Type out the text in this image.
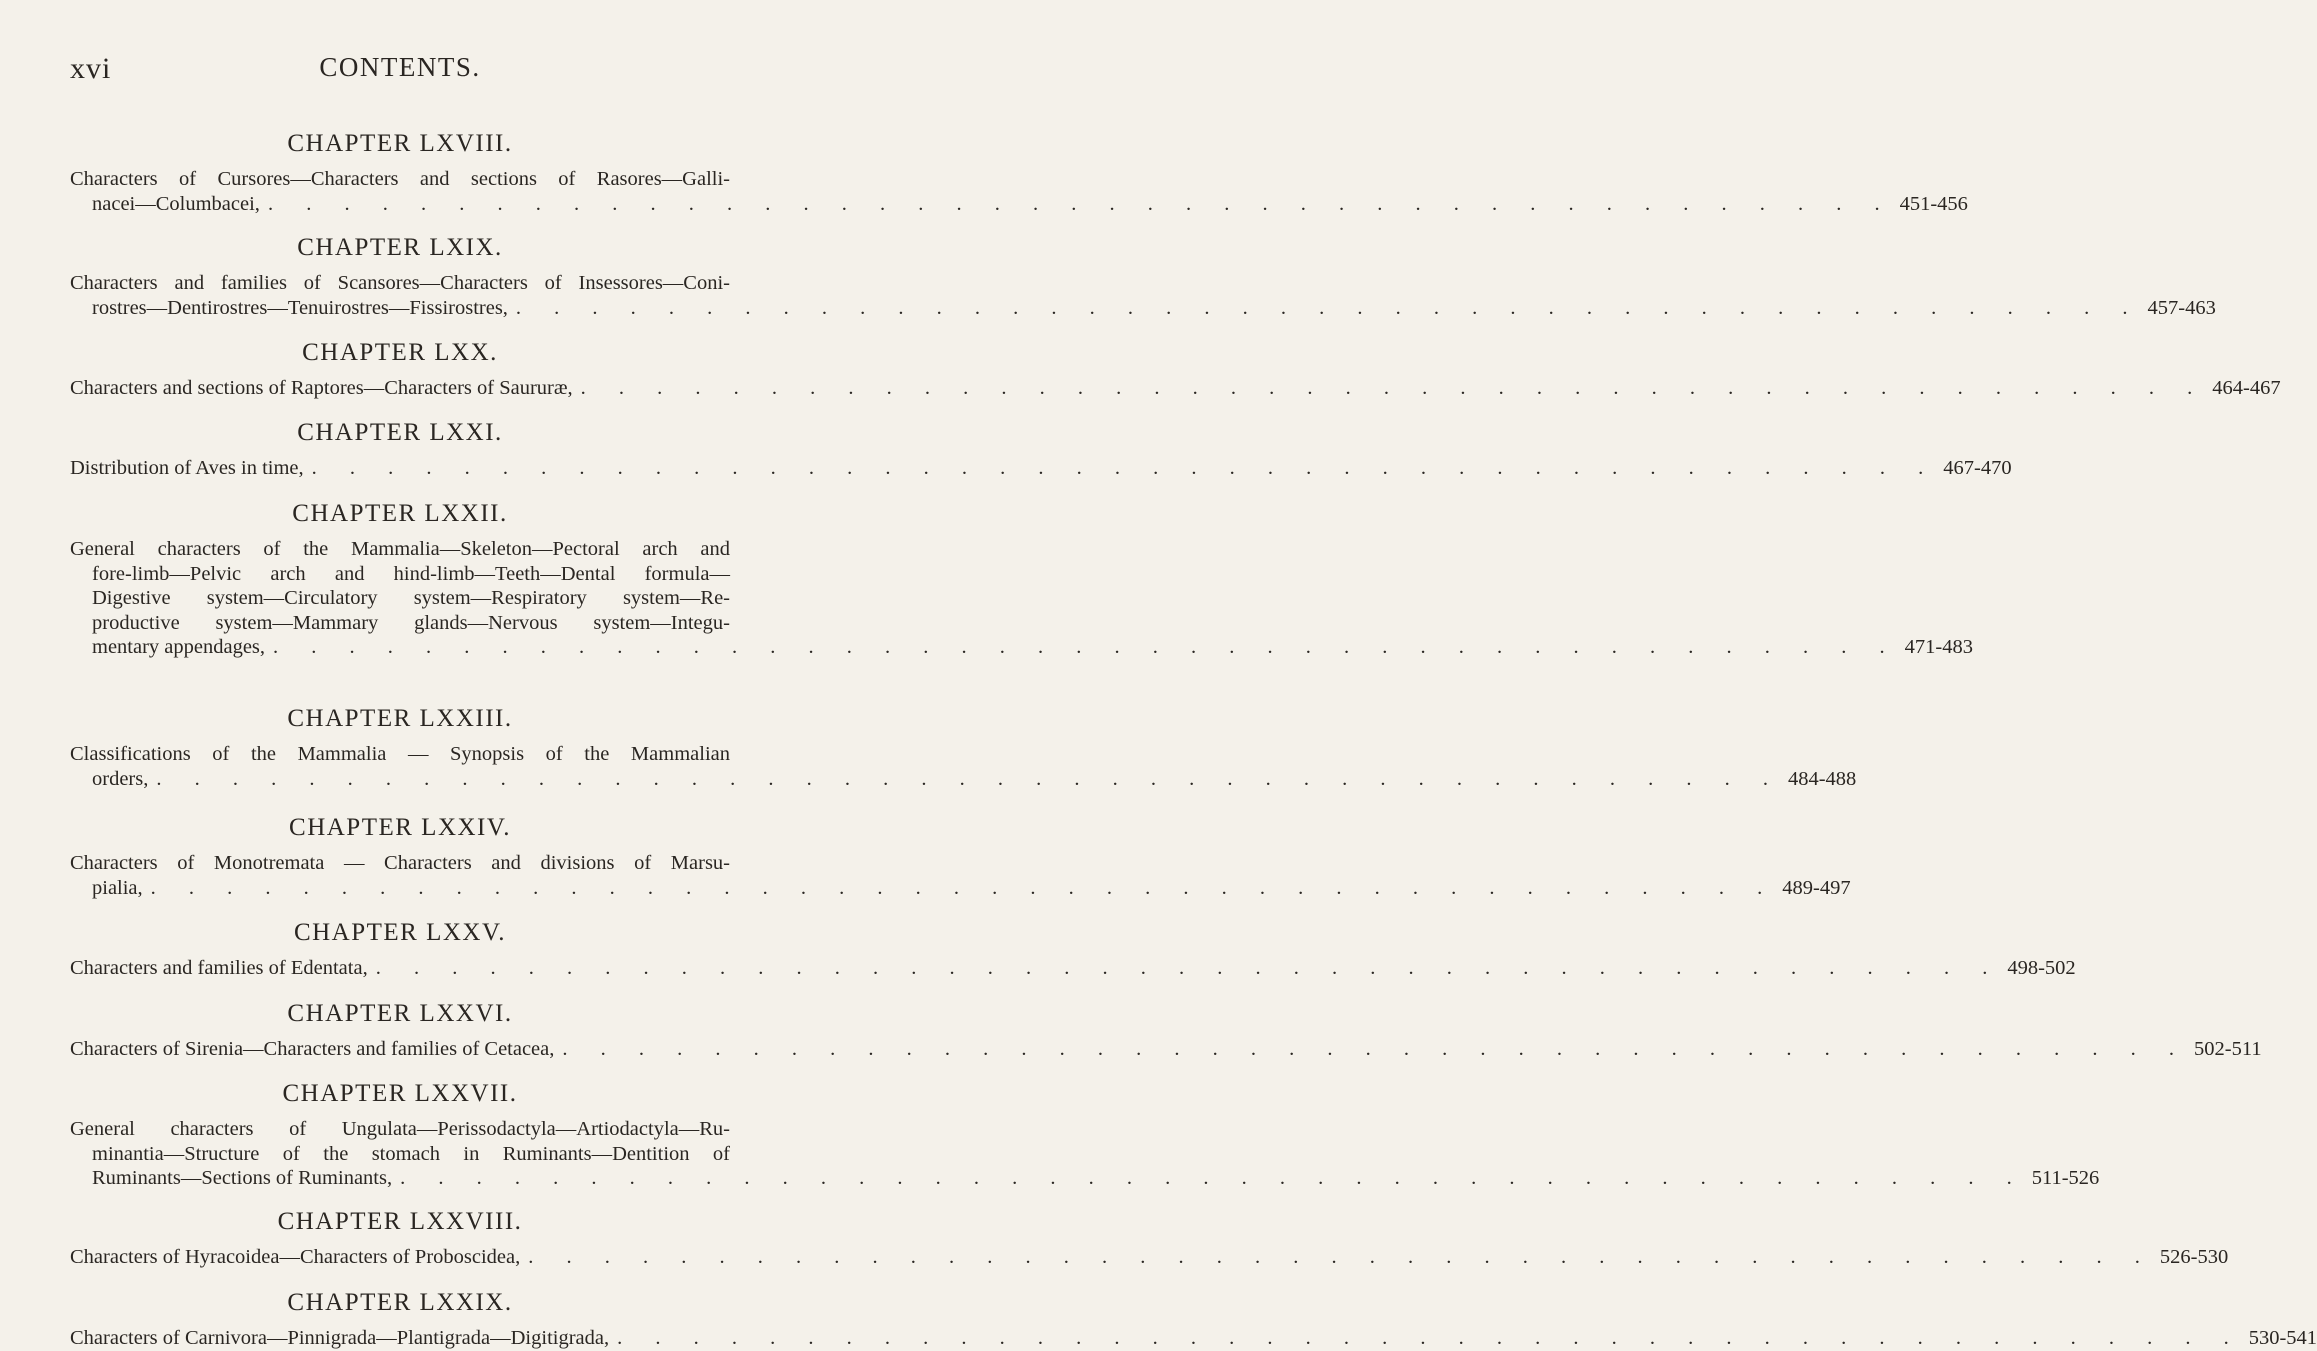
xvi	CONTENTS.
CHAPTER LXVIII.
Characters of Cursores—Characters and sections of Rasores—Galli-
nacei—Columbacei, . . . . . . . . . . . . . . . . . . . . . . . . . . . . . . . . . . . . . . . . . . . 451-456
CHAPTER LXIX.
Characters and families of Scansores—Characters of Insessores—Coni-
rostres—Dentirostres—Tenuirostres—Fissirostres, . . . . . . . . . . . . . . . . . . . . . . . . . . . . . . . . . . . . . . . . . . . 457-463
CHAPTER LXX.
Characters and sections of Raptores—Characters of Saururæ, . . . . . . . . . . . . . . . . . . . . . . . . . . . . . . . . . . . . . . . . . . . 464-467
CHAPTER LXXI.
Distribution of Aves in time, . . . . . . . . . . . . . . . . . . . . . . . . . . . . . . . . . . . . . . . . . . . 467-470
CHAPTER LXXII.
General characters of the Mammalia—Skeleton—Pectoral arch and
fore-limb—Pelvic arch and hind-limb—Teeth—Dental formula—
Digestive system—Circulatory system—Respiratory system—Re-
productive system—Mammary glands—Nervous system—Integu-
mentary appendages, . . . . . . . . . . . . . . . . . . . . . . . . . . . . . . . . . . . . . . . . . . . 471-483
CHAPTER LXXIII.
Classifications of the Mammalia — Synopsis of the Mammalian
orders, . . . . . . . . . . . . . . . . . . . . . . . . . . . . . . . . . . . . . . . . . . . 484-488
CHAPTER LXXIV.
Characters of Monotremata — Characters and divisions of Marsu-
pialia, . . . . . . . . . . . . . . . . . . . . . . . . . . . . . . . . . . . . . . . . . . . 489-497
CHAPTER LXXV.
Characters and families of Edentata, . . . . . . . . . . . . . . . . . . . . . . . . . . . . . . . . . . . . . . . . . . . 498-502
CHAPTER LXXVI.
Characters of Sirenia—Characters and families of Cetacea, . . . . . . . . . . . . . . . . . . . . . . . . . . . . . . . . . . . . . . . . . . . 502-511
CHAPTER LXXVII.
General characters of Ungulata—Perissodactyla—Artiodactyla—Ru-
minantia—Structure of the stomach in Ruminants—Dentition of
Ruminants—Sections of Ruminants, . . . . . . . . . . . . . . . . . . . . . . . . . . . . . . . . . . . . . . . . . . . 511-526
CHAPTER LXXVIII.
Characters of Hyracoidea—Characters of Proboscidea, . . . . . . . . . . . . . . . . . . . . . . . . . . . . . . . . . . . . . . . . . . . 526-530
CHAPTER LXXIX.
Characters of Carnivora—Pinnigrada—Plantigrada—Digitigrada, . . . . . . . . . . . . . . . . . . . . . . . . . . . . . . . . . . . . . . . . . . . 530-541
